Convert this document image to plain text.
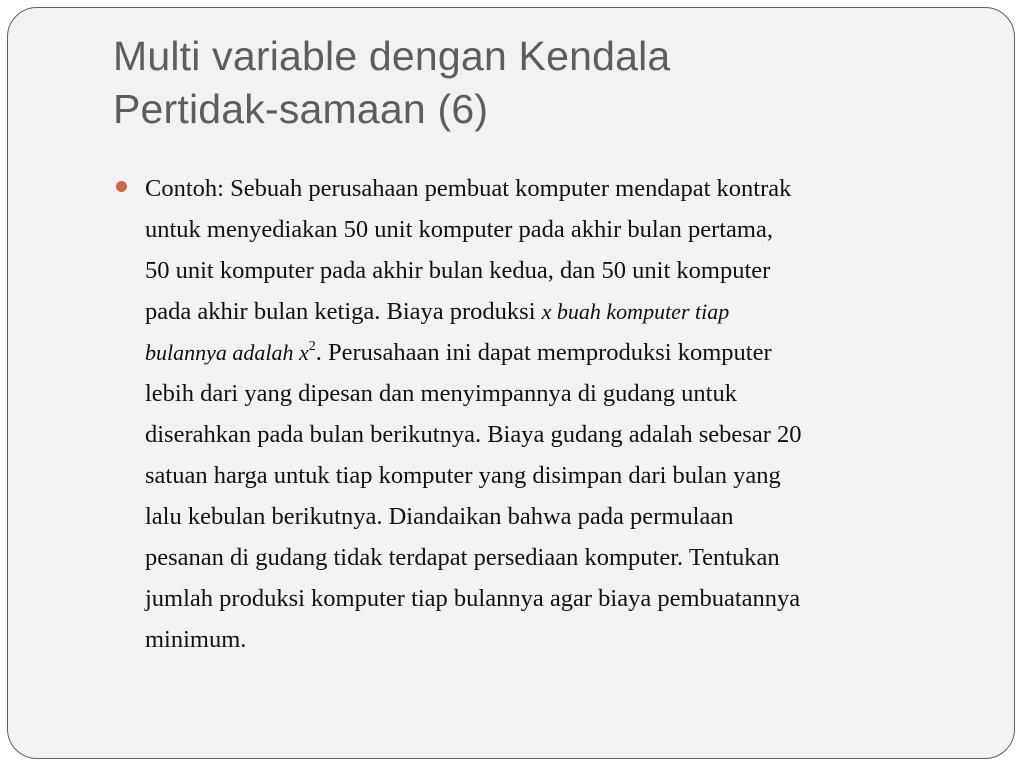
Multi variable dengan Kendala
Pertidak-samaan (6)

Contoh: Sebuah perusahaan pembuat komputer mendapat kontrak
untuk menyediakan 50 unit komputer pada akhir bulan pertama,
50 unit komputer pada akhir bulan kedua, dan 50 unit komputer
pada akhir bulan ketiga. Biaya produksi x buah komputer tiap
bulannya adalah $x^2$. Perusahaan ini dapat memproduksi komputer
lebih dari yang dipesan dan menyimpannya di gudang untuk
diserahkan pada bulan berikutnya. Biaya gudang adalah sebesar 20
satuan harga untuk tiap komputer yang disimpan dari bulan yang
lalu kebulan berikutnya. Diandaikan bahwa pada permulaan
pesanan di gudang tidak terdapat persediaan komputer. Tentukan
jumlah produksi komputer tiap bulannya agar biaya pembuatannya
minimum.
